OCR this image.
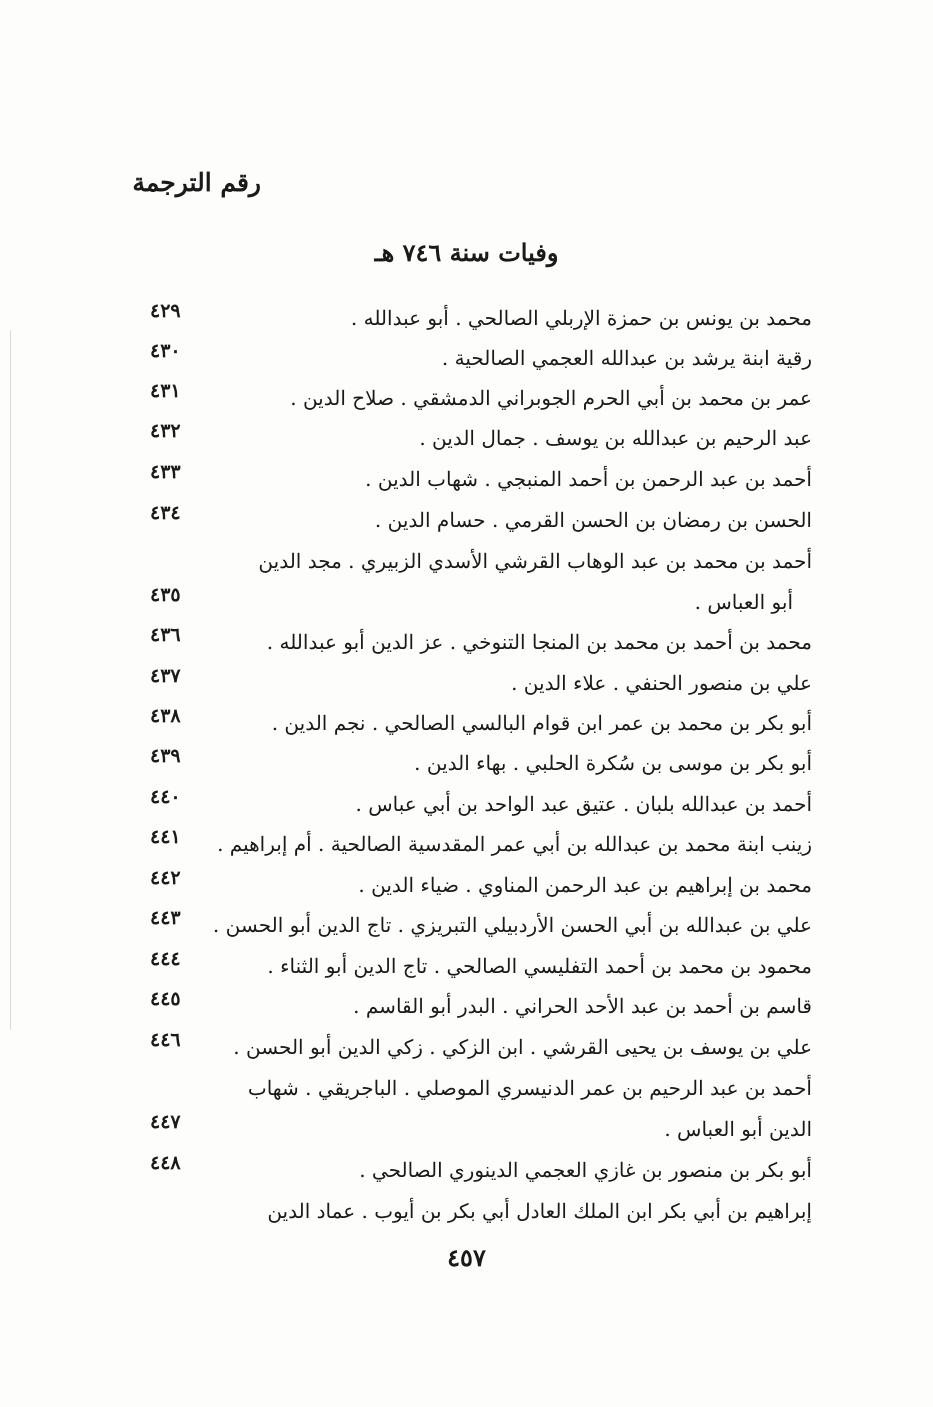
رقم الترجمة
وفيات سنة ٧٤٦ هـ
محمد بن يونس بن حمزة الإربلي الصالحي . أبو عبدالله .
٤٢٩
رقية ابنة يرشد بن عبدالله العجمي الصالحية .
٤٣٠
عمر بن محمد بن أبي الحرم الجوبراني الدمشقي . صلاح الدين .
٤٣١
عبد الرحيم بن عبدالله بن يوسف . جمال الدين .
٤٣٢
أحمد بن عبد الرحمن بن أحمد المنبجي . شهاب الدين .
٤٣٣
الحسن بن رمضان بن الحسن القرمي . حسام الدين .
٤٣٤
أحمد بن محمد بن عبد الوهاب القرشي الأسدي الزبيري . مجد الدين
أبو العباس .
٤٣٥
محمد بن أحمد بن محمد بن المنجا التنوخي . عز الدين أبو عبدالله .
٤٣٦
علي بن منصور الحنفي . علاء الدين .
٤٣٧
أبو بكر بن محمد بن عمر ابن قوام البالسي الصالحي . نجم الدين .
٤٣٨
أبو بكر بن موسى بن سُكرة الحلبي . بهاء الدين .
٤٣٩
أحمد بن عبدالله بلبان . عتيق عبد الواحد بن أبي عباس .
٤٤٠
زينب ابنة محمد بن عبدالله بن أبي عمر المقدسية الصالحية . أم إبراهيم .
٤٤١
محمد بن إبراهيم بن عبد الرحمن المناوي . ضياء الدين .
٤٤٢
علي بن عبدالله بن أبي الحسن الأردبيلي التبريزي . تاج الدين أبو الحسن .
٤٤٣
محمود بن محمد بن أحمد التفليسي الصالحي . تاج الدين أبو الثناء .
٤٤٤
قاسم بن أحمد بن عبد الأحد الحراني . البدر أبو القاسم .
٤٤٥
علي بن يوسف بن يحيى القرشي . ابن الزكي . زكي الدين أبو الحسن .
٤٤٦
أحمد بن عبد الرحيم بن عمر الدنيسري الموصلي . الباجريقي . شهاب
الدين أبو العباس .
٤٤٧
أبو بكر بن منصور بن غازي العجمي الدينوري الصالحي .
٤٤٨
إبراهيم بن أبي بكر ابن الملك العادل أبي بكر بن أيوب . عماد الدين
٤٥٧
